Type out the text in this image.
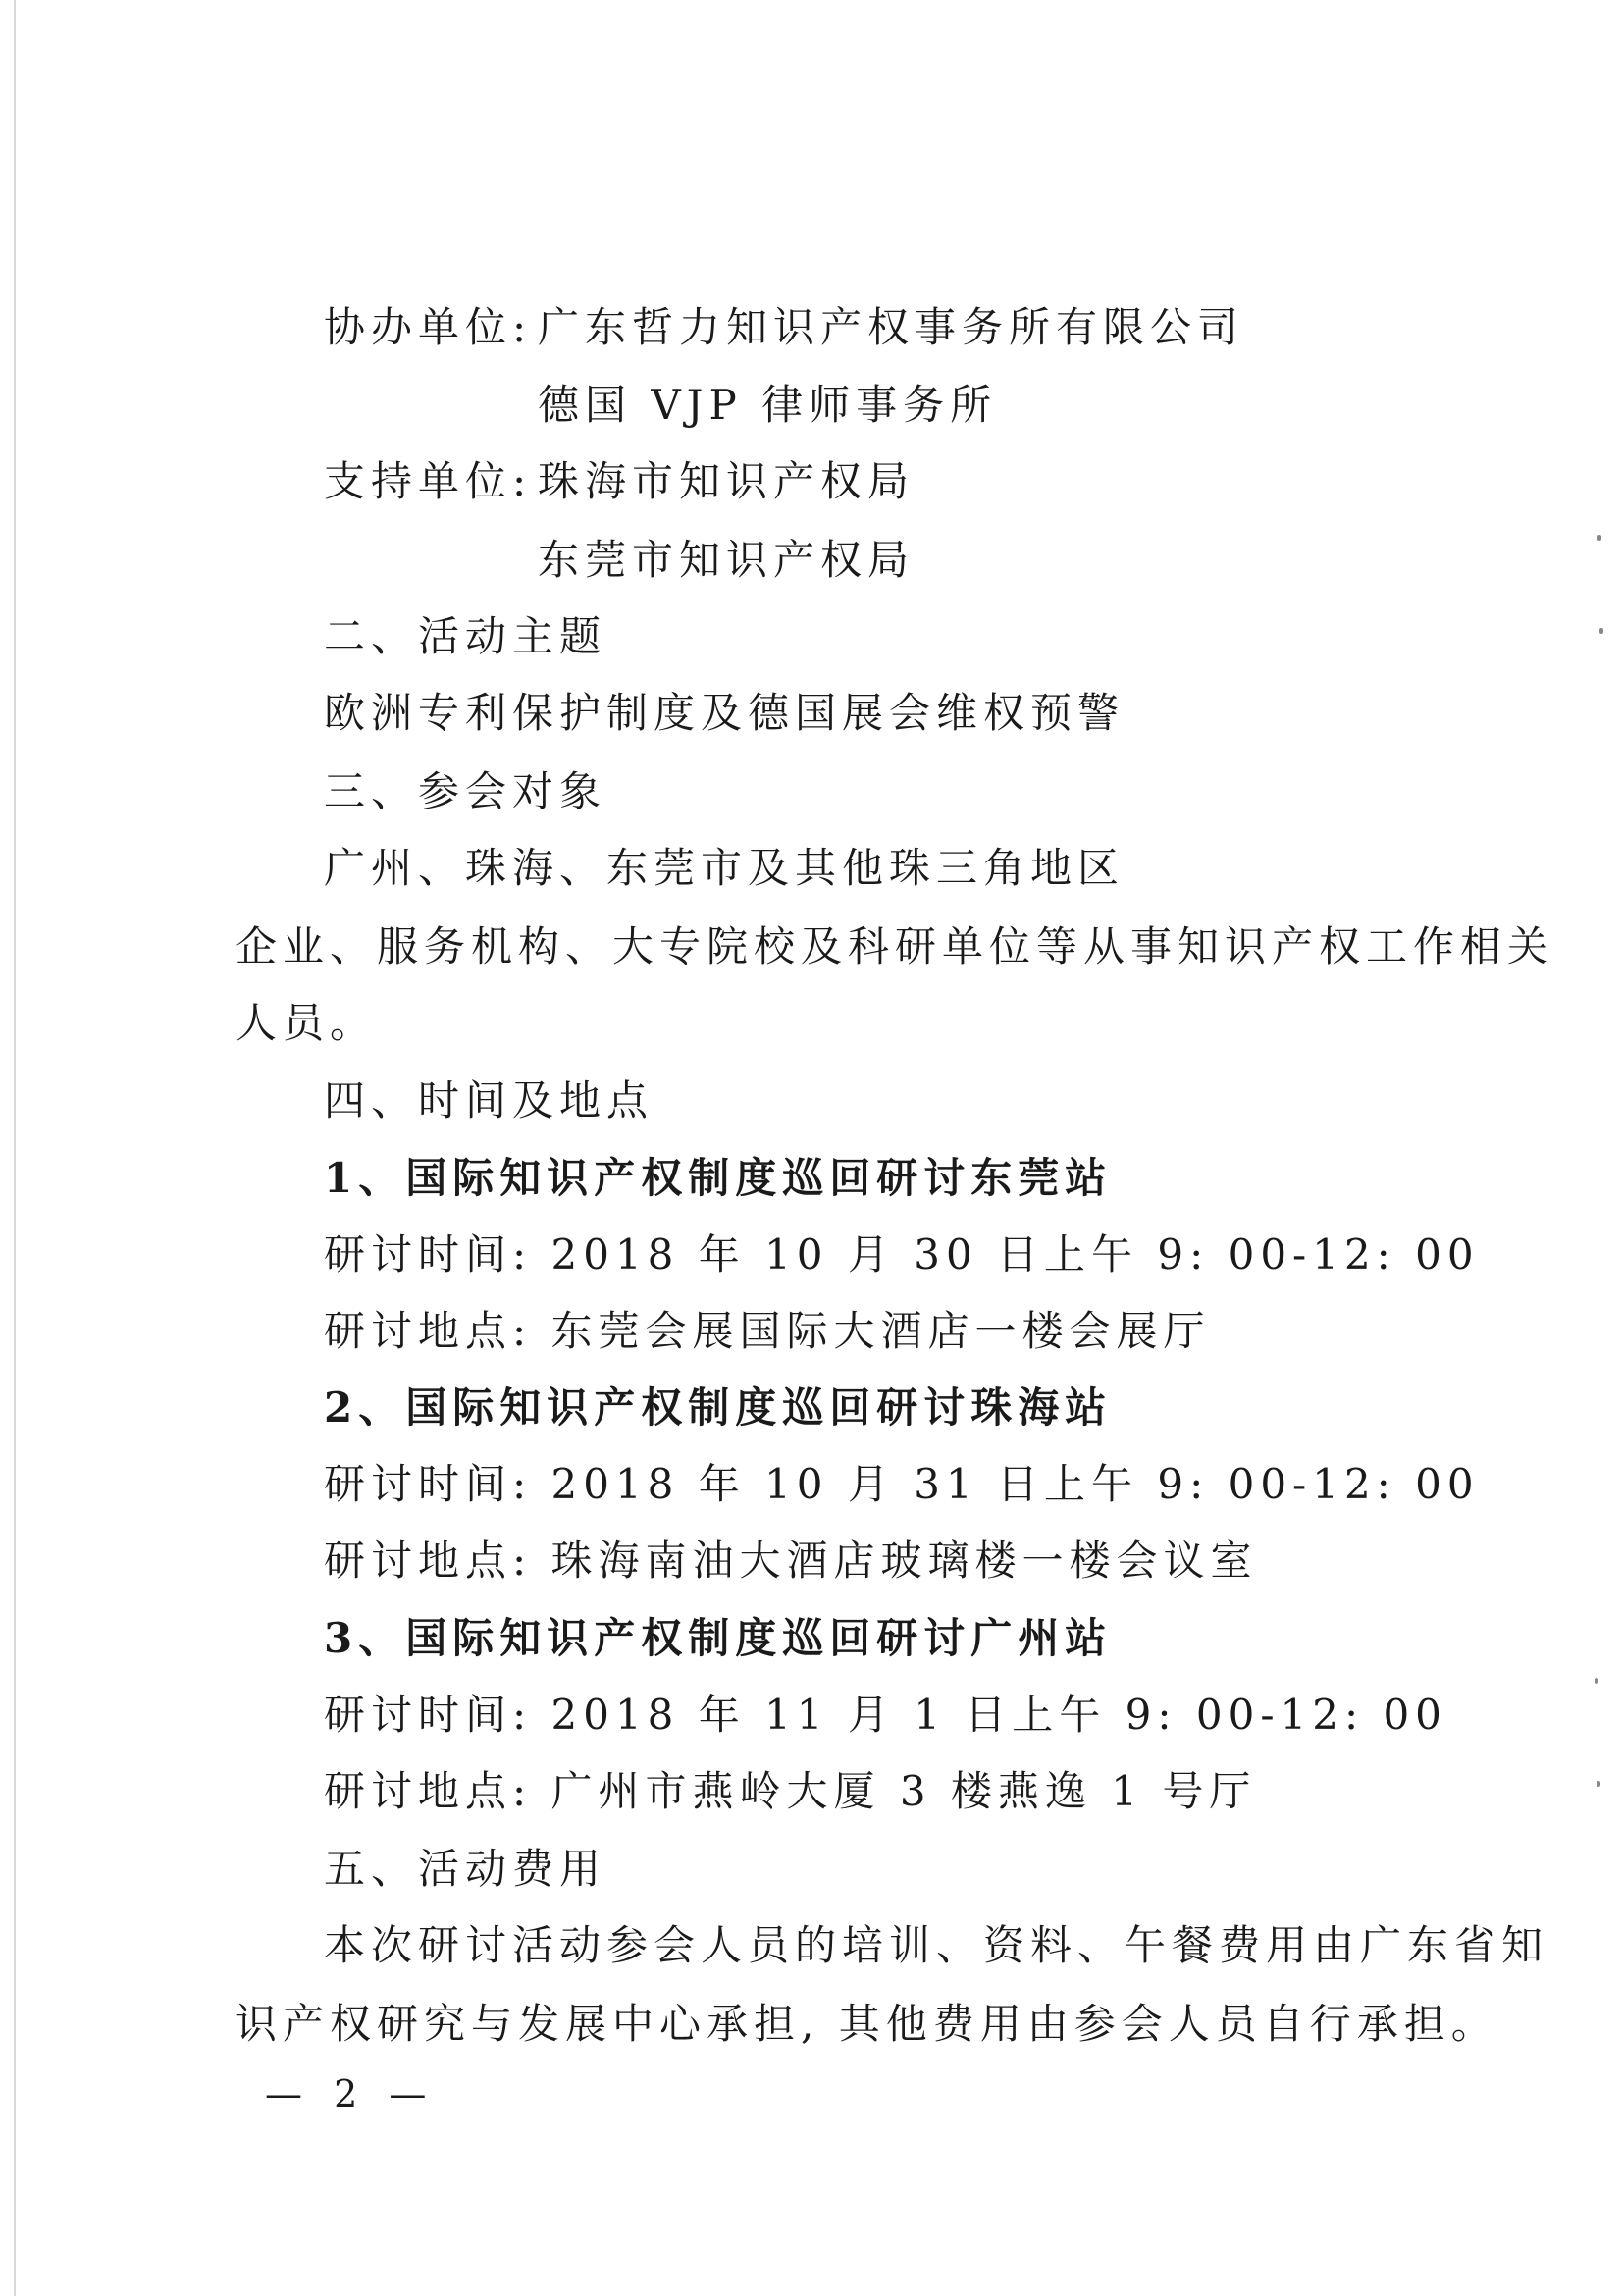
协办单位: 广东哲力知识产权事务所有限公司
德国 VJP 律师事务所
支持单位: 珠海市知识产权局
东莞市知识产权局
二、活动主题
欧洲专利保护制度及德国展会维权预警
三、参会对象
广州、珠海、东莞市及其他珠三角地区
企业、服务机构、大专院校及科研单位等从事知识产权工作相关
人员。
四、时间及地点
1、国际知识产权制度巡回研讨东莞站
研讨时间: 2018 年 10 月 30 日上午 9: 00-12: 00
研讨地点: 东莞会展国际大酒店一楼会展厅
2、国际知识产权制度巡回研讨珠海站
研讨时间: 2018 年 10 月 31 日上午 9: 00-12: 00
研讨地点: 珠海南油大酒店玻璃楼一楼会议室
3、国际知识产权制度巡回研讨广州站
研讨时间: 2018 年 11 月 1 日上午 9: 00-12: 00
研讨地点: 广州市燕岭大厦 3 楼燕逸 1 号厅
五、活动费用
本次研讨活动参会人员的培训、资料、午餐费用由广东省知
识产权研究与发展中心承担, 其他费用由参会人员自行承担。
— 2 —
